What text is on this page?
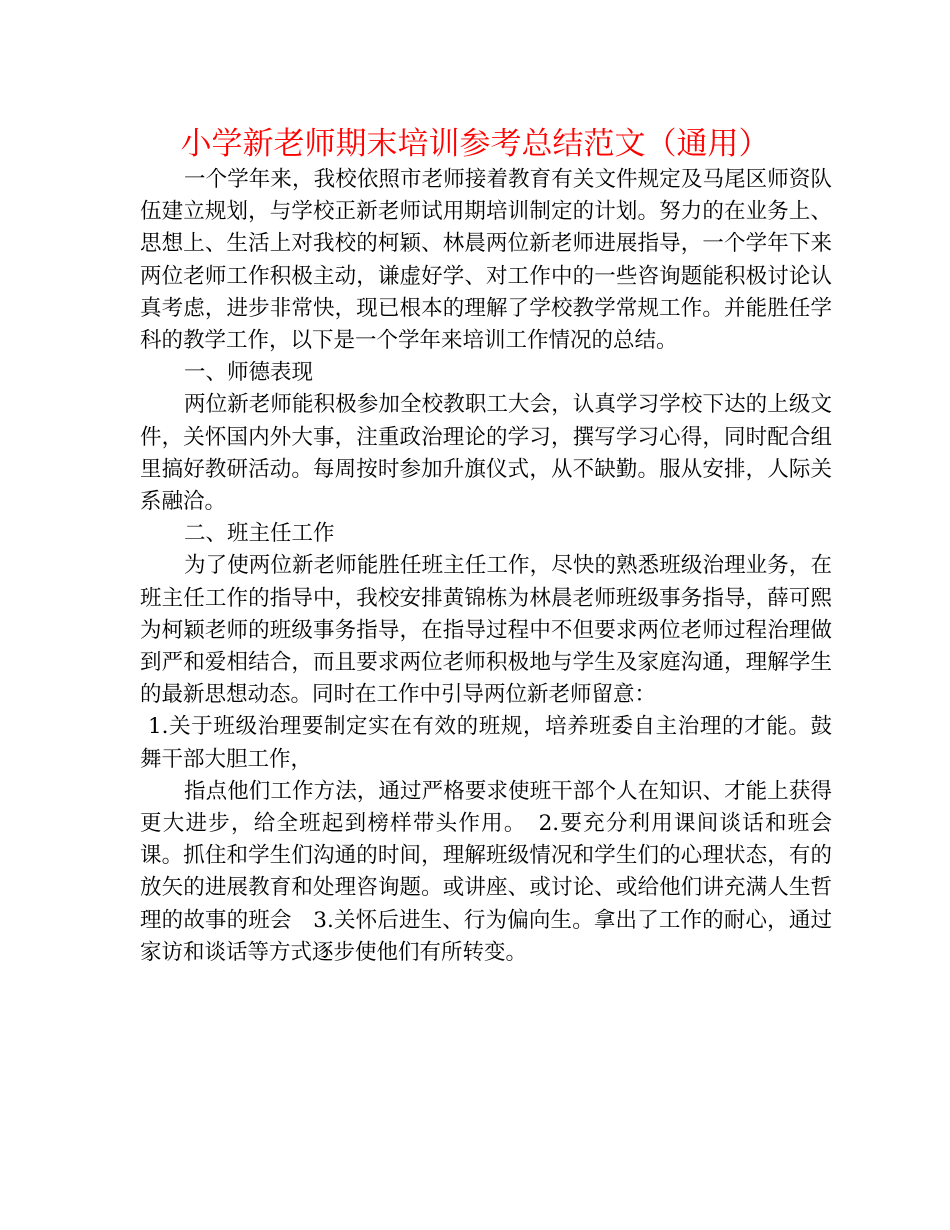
小学新老师期末培训参考总结范文（通用）

一个学年来，我校依照市老师接着教育有关文件规定及马尾区师资队伍建立规划，与学校正新老师试用期培训制定的计划。努力的在业务上、思想上、生活上对我校的柯颖、林晨两位新老师进展指导，一个学年下来两位老师工作积极主动，谦虚好学、对工作中的一些咨询题能积极讨论认真考虑，进步非常快，现已根本的理解了学校教学常规工作。并能胜任学科的教学工作，以下是一个学年来培训工作情况的总结。

一、师德表现

两位新老师能积极参加全校教职工大会，认真学习学校下达的上级文件，关怀国内外大事，注重政治理论的学习，撰写学习心得，同时配合组里搞好教研活动。每周按时参加升旗仪式，从不缺勤。服从安排，人际关系融洽。

二、班主任工作

为了使两位新老师能胜任班主任工作，尽快的熟悉班级治理业务，在班主任工作的指导中，我校安排黄锦栋为林晨老师班级事务指导，薛可熙为柯颖老师的班级事务指导，在指导过程中不但要求两位老师过程治理做到严和爱相结合，而且要求两位老师积极地与学生及家庭沟通，理解学生的最新思想动态。同时在工作中引导两位新老师留意：

1.关于班级治理要制定实在有效的班规，培养班委自主治理的才能。鼓舞干部大胆工作，

指点他们工作方法，通过严格要求使班干部个人在知识、才能上获得更大进步，给全班起到榜样带头作用。　2.要充分利用课间谈话和班会课。抓住和学生们沟通的时间，理解班级情况和学生们的心理状态，有的放矢的进展教育和处理咨询题。或讲座、或讨论、或给他们讲充满人生哲理的故事的班会　3.关怀后进生、行为偏向生。拿出了工作的耐心，通过家访和谈话等方式逐步使他们有所转变。
